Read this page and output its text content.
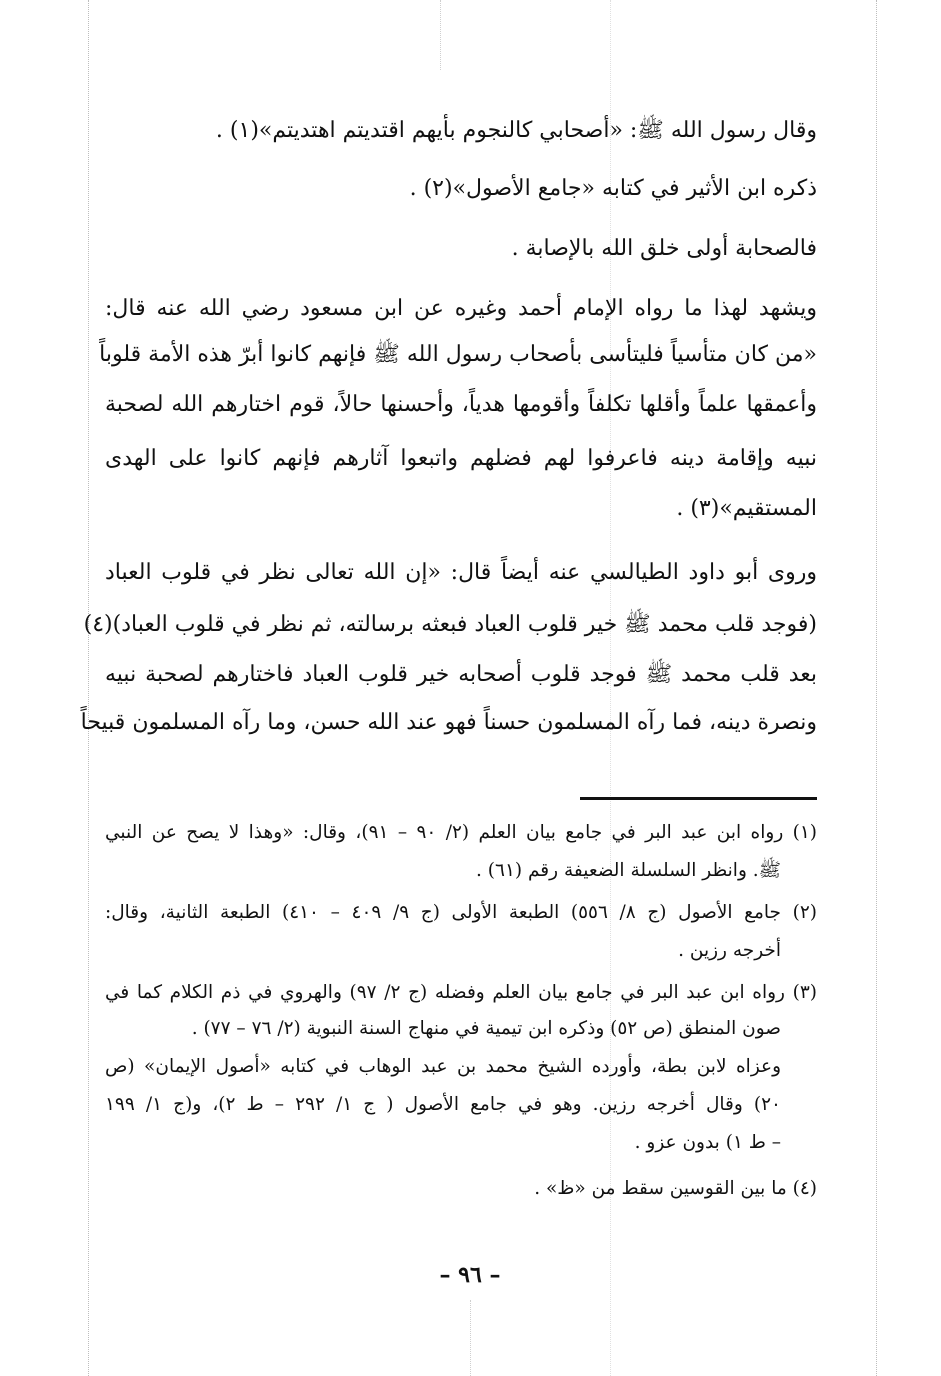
وقال رسول الله ﷺ: «أصحابي كالنجوم بأيهم اقتديتم اهتديتم»(١) .
ذكره ابن الأثير في كتابه «جامع الأصول»(٢) .
فالصحابة أولى خلق الله بالإصابة .
ويشهد لهذا ما رواه الإمام أحمد وغيره عن ابن مسعود رضي الله عنه قال:
«من كان متأسياً فليتأسى بأصحاب رسول الله ﷺ فإنهم كانوا أبرّ هذه الأمة قلوباً
وأعمقها علماً وأقلها تكلفاً وأقومها هدياً، وأحسنها حالاً، قوم اختارهم الله لصحبة
نبيه وإقامة دينه فاعرفوا لهم فضلهم واتبعوا آثارهم فإنهم كانوا على الهدى
المستقيم»(٣) .
وروى أبو داود الطيالسي عنه أيضاً قال: «إن الله تعالى نظر في قلوب العباد
(فوجد قلب محمد ﷺ خير قلوب العباد فبعثه برسالته، ثم نظر في قلوب العباد)(٤)
بعد قلب محمد ﷺ فوجد قلوب أصحابه خير قلوب العباد فاختارهم لصحبة نبيه
ونصرة دينه، فما رآه المسلمون حسناً فهو عند الله حسن، وما رآه المسلمون قبيحاً
(١) رواه ابن عبد البر في جامع بيان العلم (٢/ ٩٠ – ٩١)، وقال: «وهذا لا يصح عن النبي
ﷺ. وانظر السلسلة الضعيفة رقم (٦١) .
(٢) جامع الأصول (ج ٨/ ٥٥٦) الطبعة الأولى (ج ٩/ ٤٠٩ – ٤١٠) الطبعة الثانية، وقال:
أخرجه رزين .
(٣) رواه ابن عبد البر في جامع بيان العلم وفضله (ج ٢/ ٩٧) والهروي في ذم الكلام كما في
صون المنطق (ص ٥٢) وذكره ابن تيمية في منهاج السنة النبوية (٢/ ٧٦ – ٧٧) .
وعزاه لابن بطة، وأورده الشيخ محمد بن عبد الوهاب في كتابه «أصول الإيمان» (ص
٢٠) وقال أخرجه رزين. وهو في جامع الأصول ( ج ١/ ٢٩٢ – ط ٢)، و(ج ١/ ١٩٩
– ط ١) بدون عزو .
(٤) ما بين القوسين سقط من «ظ» .
– ٩٦ –
